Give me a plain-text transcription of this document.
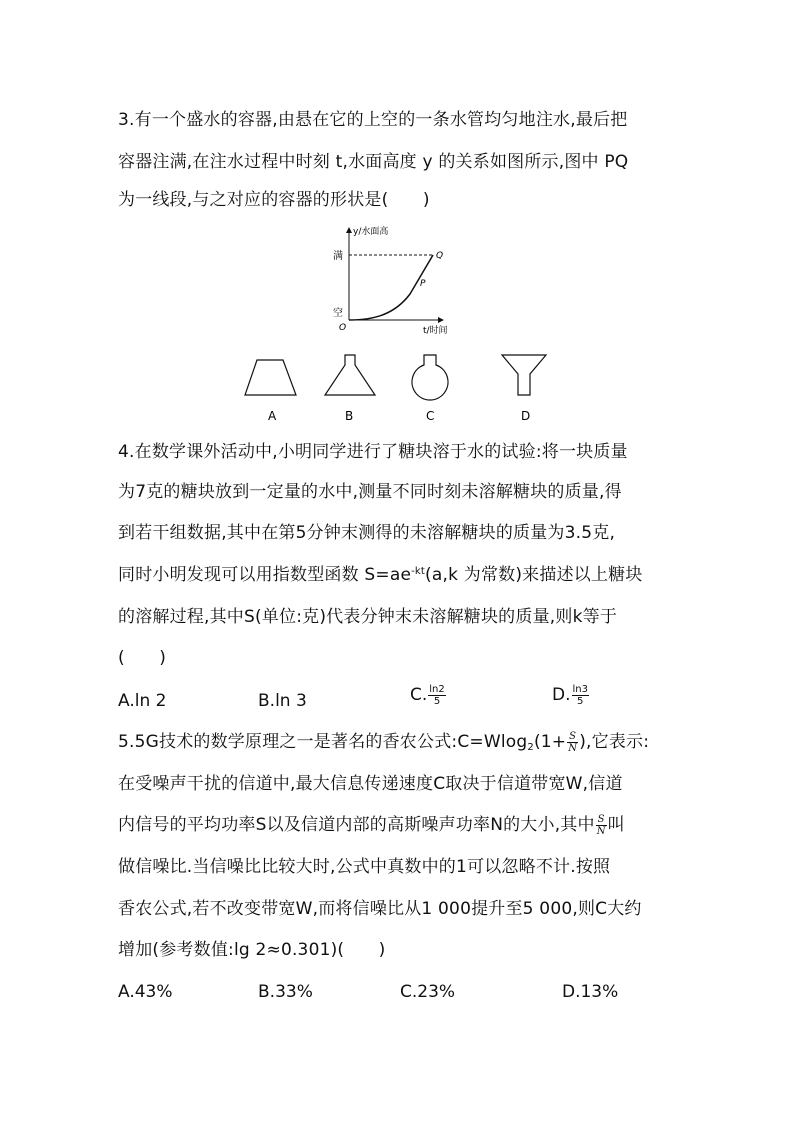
3.有一个盛水的容器,由悬在它的上空的一条水管均匀地注水,最后把
容器注满,在注水过程中时刻 t,水面高度 y 的关系如图所示,图中 PQ
为一线段,与之对应的容器的形状是(　　)
y/水面高
满
空
O
Q
P
t/时间
A	B	C	D
4.在数学课外活动中,小明同学进行了糖块溶于水的试验:将一块质量
为7克的糖块放到一定量的水中,测量不同时刻未溶解糖块的质量,得
到若干组数据,其中在第5分钟末测得的未溶解糖块的质量为3.5克,
同时小明发现可以用指数型函数 $S=ae^{-kt}(a,k$ 为常数)来描述以上糖块
的溶解过程,其中S(单位:克)代表分钟末未溶解糖块的质量,则k等于
(　　)
A.ln 2	B.ln 3	C. $\frac{\ln 2}{5}$	D. $\frac{\ln 3}{5}$
5.5G技术的数学原理之一是著名的香农公式:C=Wlog$_2$(1+ $\frac{S}{N}$ ),它表示:
在受噪声干扰的信道中,最大信息传递速度C取决于信道带宽W,信道
内信号的平均功率S以及信道内部的高斯噪声功率N的大小,其中 $\frac{S}{N}$ 叫
做信噪比.当信噪比比较大时,公式中真数中的1可以忽略不计.按照
香农公式,若不改变带宽W,而将信噪比从1 000提升至5 000,则C大约
增加(参考数值:lg 2≈0.301)(　　)
A.43%	B.33%	C.23%	D.13%
